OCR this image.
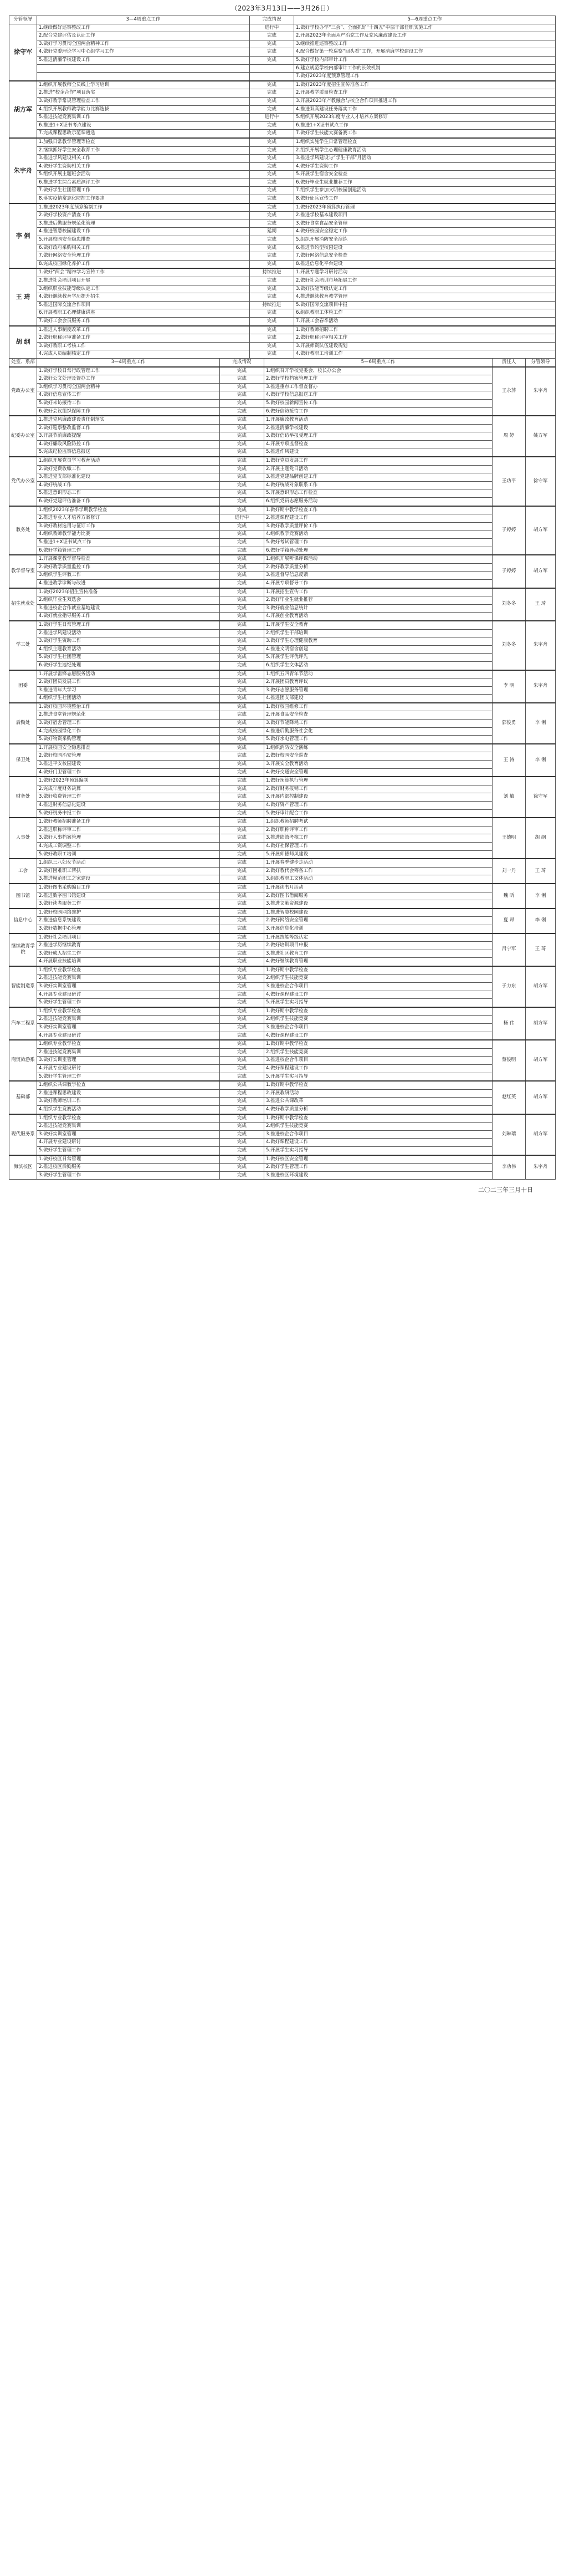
（2023年3月13日——3月26日）
分管领导	3—4周重点工作	完成情况	5—6周重点工作
徐守军	1.继续做好巡察整改工作	进行中	1.做好学校办学“三会”、全面抓好“十四五”中层干部任职实施工作
	2.配合党建评估及认证工作	完成	2.开展2023年全面从严治党工作及党风廉政建设工作
	3.做好学习贯彻全国两会精神工作	完成	3.继续推进巡察整改工作
	4.做好党委理论学习中心组学习工作	完成	4.配合做好第一轮巡察“回头看”工作，开展清廉学校建设工作
	5.推进清廉学校建设工作	完成	5.做好学校内部审计工作
			6.建立规范学校内部审计工作的长效机制
			7.做好2023年度预算管理工作
胡方军	1.组织开展教师全员线上学习培训	完成	1.做好2023年度招生宣传准备工作
	2.推进“校企合作”项目落实	完成	2.开展教学质量检查工作
	3.做好教学常规管理检查工作	完成	3.开展2023年产教融合与校企合作项目推进工作
	4.组织开展教师教学能力比赛选拔	完成	4.推进双高建设任务落实工作
	5.推进技能竞赛集训工作	进行中	5.组织开展2023年度专业人才培养方案修订
	6.推进1+X证书考点建设	完成	6.推进1+X证书试点工作
	7.完成课程思政示范课遴选	完成	7.做好学生技能大赛备赛工作
朱宇舟	1.加强日常教学管理等检查	完成	1.组织实施学生日常管理检查
	2.继续抓好学生安全教育工作	完成	2.组织开展学生心理健康教育活动
	3.推进学风建设相关工作	完成	3.推进学风建设与“学生干部”月活动
	4.做好学生资助相关工作	完成	4.做好学生资助工作
	5.组织开展主题班会活动	完成	5.开展学生宿舍安全检查
	6.推进学生综合素质测评工作	完成	6.做好毕业生就业推荐工作
	7.做好学生社团管理工作	完成	7.组织学生参加文明校园创建活动
	8.落实疫情常态化防控工作要求	完成	8.做好征兵宣传工作
李 俐	1.推进2023年度预算编制工作	完成	1.做好2023年预算执行管理
	2.做好学校资产清查工作	完成	2.推进学校基本建设项目
	3.推进后勤服务规范化管理	完成	3.做好食堂食品安全管理
	4.推进智慧校园建设工作	延期	4.做好校园安全稳定工作
	5.开展校园安全隐患排查	完成	5.组织开展消防安全演练
	6.做好政府采购相关工作	完成	6.推进节约型校园建设
	7.做好网络安全管理工作	完成	7.做好网络信息安全检查
	8.完成校园绿化养护工作	完成	8.推进信息化平台建设
王 琦	1.做好“两会”精神学习宣传工作	持续推进	1.开展专题学习研讨活动
	2.推进社会培训项目开展	完成	2.做好社会培训市场拓展工作
	3.组织职业技能等级认定工作	完成	3.做好技能等级认定工作
	4.做好继续教育学历提升招生	完成	4.推进继续教育教学管理
	5.推进国际交流合作项目	持续推进	5.做好国际交流项目申报
	6.开展教职工心理健康讲座	完成	6.组织教职工体检工作
	7.做好工会会员服务工作	完成	7.开展工会春季活动
胡 纲	1.推进人事制度改革工作	完成	1.做好教师招聘工作
	2.做好职称评审准备工作	完成	2.做好职称评审相关工作
	3.做好教职工考核工作	完成	3.开展师资队伍建设规划
	4.完成人员编制核定工作	完成	4.做好教职工培训工作
处室、系部	3—4周重点工作	完成情况	5—6周重点工作	责任人	分管领导
党政办公室	1.做好学校日常行政管理工作	完成	1.组织召开学校党委会、校长办公会	王永萍	朱宇舟
	2.做好公文处理及督办工作	完成	2.做好学校档案管理工作		
	3.组织学习贯彻全国两会精神	完成	3.推进重点工作督查督办		
	4.做好信息宣传工作	完成	4.做好学校信息报送工作		
	5.做好来访接待工作	完成	5.做好校园新闻宣传工作		
	6.做好会议组织保障工作	完成	6.做好信访接待工作		
纪委办公室	1.推进党风廉政建设责任制落实	完成	1.开展廉政教育活动	周 婷	姚方军
	2.做好巡察整改监督工作	完成	2.推进清廉学校建设		
	3.开展节前廉政提醒	完成	3.做好信访举报受理工作		
	4.做好廉政风险防控工作	完成	4.开展专项监督检查		
	5.完成纪检监察信息报送	完成	5.推进作风建设		
党代办公室	1.组织开展党员学习教育活动	完成	1.做好党员发展工作	王功平	徐守军
	2.做好党费收缴工作	完成	2.开展主题党日活动		
	3.推进党支部标准化建设	完成	3.推进党建品牌创建工作		
	4.做好统战工作	完成	4.做好统战对象联系工作		
	5.推进意识形态工作	完成	5.开展意识形态工作检查		
	6.做好党建评估准备工作	完成	6.组织党员志愿服务活动		
教务处	1.组织2023年春季学期教学检查	完成	1.做好期中教学检查工作	于婷婷	胡方军
	2.推进专业人才培养方案修订	进行中	2.推进课程建设工作		
	3.做好教材选用与征订工作	完成	3.做好教学质量评价工作		
	4.组织教师教学能力比赛	完成	4.组织教学竞赛活动		
	5.推进1+X证书试点工作	完成	5.做好考试管理工作		
	6.做好学籍管理工作	完成	6.做好学籍异动处理		
教学督导室	1.开展课堂教学督导检查	完成	1.组织开展听课评课活动	于婷婷	胡方军
	2.做好教学质量监控工作	完成	2.做好教学质量分析		
	3.组织学生评教工作	完成	3.推进督导信息反馈		
	4.推进教学诊断与改进	完成	4.开展专项督导工作		
招生就业处	1.做好2023年招生宣传准备	完成	1.开展招生宣传工作	刘冬冬	王 琦
	2.组织毕业生双选会	完成	2.做好毕业生就业推荐		
	3.推进校企合作就业基地建设	完成	3.做好就业信息统计		
	4.做好就业指导服务工作	完成	4.开展创业教育活动		
学工处	1.做好学生日常管理工作	完成	1.开展学生安全教育	刘冬冬	朱宇舟
	2.推进学风建设活动	完成	2.组织学生干部培训		
	3.做好学生资助工作	完成	3.做好学生心理健康教育		
	4.组织主题教育活动	完成	4.推进文明宿舍创建		
	5.做好学生社团管理	完成	5.开展学生评优评先		
	6.做好学生违纪处理	完成	6.组织学生文体活动		
团委	1.开展学雷锋志愿服务活动	完成	1.组织五四青年节活动	李 明	朱宇舟
	2.做好团员发展工作	完成	2.开展团员教育评议		
	3.推进青年大学习	完成	3.做好志愿服务管理		
	4.组织学生社团活动	完成	4.推进团支部建设		
后勤处	1.做好校园环境整治工作	完成	1.做好校园维修工作	郭俊勇	李 俐
	2.推进食堂管理规范化	完成	2.开展食品安全检查		
	3.做好宿舍管理工作	完成	3.做好节能降耗工作		
	4.完成校园绿化工作	完成	4.推进后勤服务社会化		
	5.做好物资采购管理	完成	5.做好水电管理工作		
保卫处	1.开展校园安全隐患排查	完成	1.组织消防安全演练	王 涛	李 俐
	2.做好校园治安管理	完成	2.做好校园安全巡查		
	3.推进平安校园建设	完成	3.开展安全教育活动		
	4.做好门卫管理工作	完成	4.做好交通安全管理		
财务处	1.做好2023年预算编制	完成	1.做好预算执行管理	刘 敏	徐守军
	2.完成年度财务决算	完成	2.做好财务报销工作		
	3.做好收费管理工作	完成	3.开展内部控制建设		
	4.推进财务信息化建设	完成	4.做好资产管理工作		
	5.做好税务申报工作	完成	5.做好审计配合工作		
人事处	1.做好教师招聘准备工作	完成	1.组织教师招聘考试	王德明	胡 纲
	2.推进职称评审工作	完成	2.做好职称评审工作		
	3.做好人事档案管理	完成	3.推进绩效考核工作		
	4.完成工资调整工作	完成	4.做好社保管理工作		
	5.做好教职工培训	完成	5.开展师德师风建设		
工会	1.组织三八妇女节活动	完成	1.开展春季健步走活动	刘一丹	王 琦
	2.做好困难职工帮扶	完成	2.做好教代会筹备工作		
	3.推进模范职工之家建设	完成	3.组织教职工文体活动		
图书馆	1.做好图书采购编目工作	完成	1.开展读书月活动	魏 昕	李 俐
	2.推进数字图书馆建设	完成	2.做好图书借阅服务		
	3.做好读者服务工作	完成	3.推进文献资源建设		
信息中心	1.做好校园网络维护	完成	1.推进智慧校园建设	夏 昂	李 俐
	2.推进信息系统建设	完成	2.做好网络安全管理		
	3.做好数据中心管理	完成	3.开展信息化培训		
继续教育学院	1.做好社会培训项目	完成	1.开展技能等级认定	吕宁军	王 琦
	2.推进学历继续教育	完成	2.做好培训项目申报		
	3.做好成人招生工作	完成	3.推进社区教育工作		
	4.开展职业技能培训	完成	4.做好继续教育管理		
智能制造系	1.组织专业教学检查	完成	1.做好期中教学检查	于力东	胡方军
	2.推进技能竞赛集训	完成	2.组织学生技能竞赛		
	3.做好实训室管理	完成	3.推进校企合作项目		
	4.开展专业建设研讨	完成	4.做好课程建设工作		
	5.做好学生管理工作	完成	5.开展学生实习指导		
汽车工程系	1.组织专业教学检查	完成	1.做好期中教学检查	杨 伟	胡方军
	2.推进技能竞赛集训	完成	2.组织学生技能竞赛		
	3.做好实训室管理	完成	3.推进校企合作项目		
	4.开展专业建设研讨	完成	4.做好课程建设工作		
商贸旅游系	1.组织专业教学检查	完成	1.做好期中教学检查	蔡俊明	胡方军
	2.推进技能竞赛集训	完成	2.组织学生技能竞赛		
	3.做好实训室管理	完成	3.推进校企合作项目		
	4.开展专业建设研讨	完成	4.做好课程建设工作		
	5.做好学生管理工作	完成	5.开展学生实习指导		
基础部	1.组织公共课教学检查	完成	1.做好期中教学检查	赵红英	胡方军
	2.推进课程思政建设	完成	2.开展教研活动		
	3.做好教师培训工作	完成	3.推进公共课改革		
	4.组织学生竞赛活动	完成	4.做好教学质量分析		
现代服务系	1.组织专业教学检查	完成	1.做好期中教学检查	刘琳瑞	胡方军
	2.推进技能竞赛集训	完成	2.组织学生技能竞赛		
	3.做好实训室管理	完成	3.推进校企合作项目		
	4.开展专业建设研讨	完成	4.做好课程建设工作		
	5.做好学生管理工作	完成	5.开展学生实习指导		
海滨校区	1.做好校区日常管理	完成	1.做好校区安全管理	李功伟	朱宇舟
	2.推进校区后勤服务	完成	2.做好学生管理工作		
	3.做好学生管理工作	完成	3.推进校区环境建设		
二〇二三年三月十日
